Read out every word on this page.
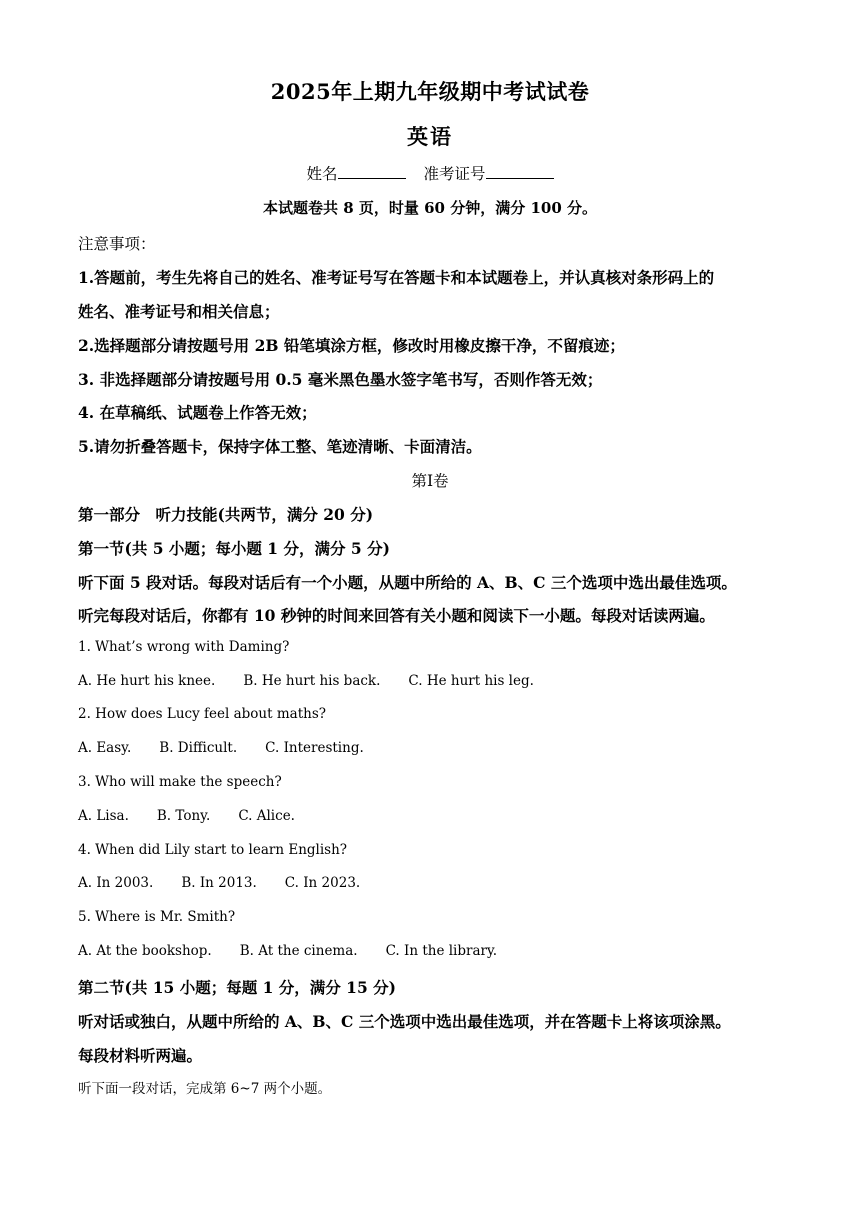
2025年上期九年级期中考试试卷
英语
姓名	准考证号
本试题卷共 8 页，时量 60 分钟，满分 100 分。
注意事项：
1.答题前，考生先将自己的姓名、准考证号写在答题卡和本试题卷上，并认真核对条形码上的
姓名、准考证号和相关信息；
2.选择题部分请按题号用 2B 铅笔填涂方框，修改时用橡皮擦干净，不留痕迹；
3. 非选择题部分请按题号用 0.5 毫米黑色墨水签字笔书写，否则作答无效；
4. 在草稿纸、试题卷上作答无效；
5.请勿折叠答题卡，保持字体工整、笔迹清晰、卡面清洁。
第Ⅰ卷
第一部分　听力技能(共两节，满分 20 分)
第一节(共 5 小题；每小题 1 分，满分 5 分)
听下面 5 段对话。每段对话后有一个小题，从题中所给的 A、B、C 三个选项中选出最佳选项。
听完每段对话后，你都有 10 秒钟的时间来回答有关小题和阅读下一小题。每段对话读两遍。
1. What’s wrong with Daming?
A. He hurt his knee. B. He hurt his back. C. He hurt his leg.
2. How does Lucy feel about maths?
A. Easy. B. Difficult. C. Interesting.
3. Who will make the speech?
A. Lisa. B. Tony. C. Alice.
4. When did Lily start to learn English?
A. In 2003. B. In 2013. C. In 2023.
5. Where is Mr. Smith?
A. At the bookshop. B. At the cinema. C. In the library.
第二节(共 15 小题；每题 1 分，满分 15 分)
听对话或独白，从题中所给的 A、B、C 三个选项中选出最佳选项，并在答题卡上将该项涂黑。
每段材料听两遍。
听下面一段对话，完成第 6~7 两个小题。
